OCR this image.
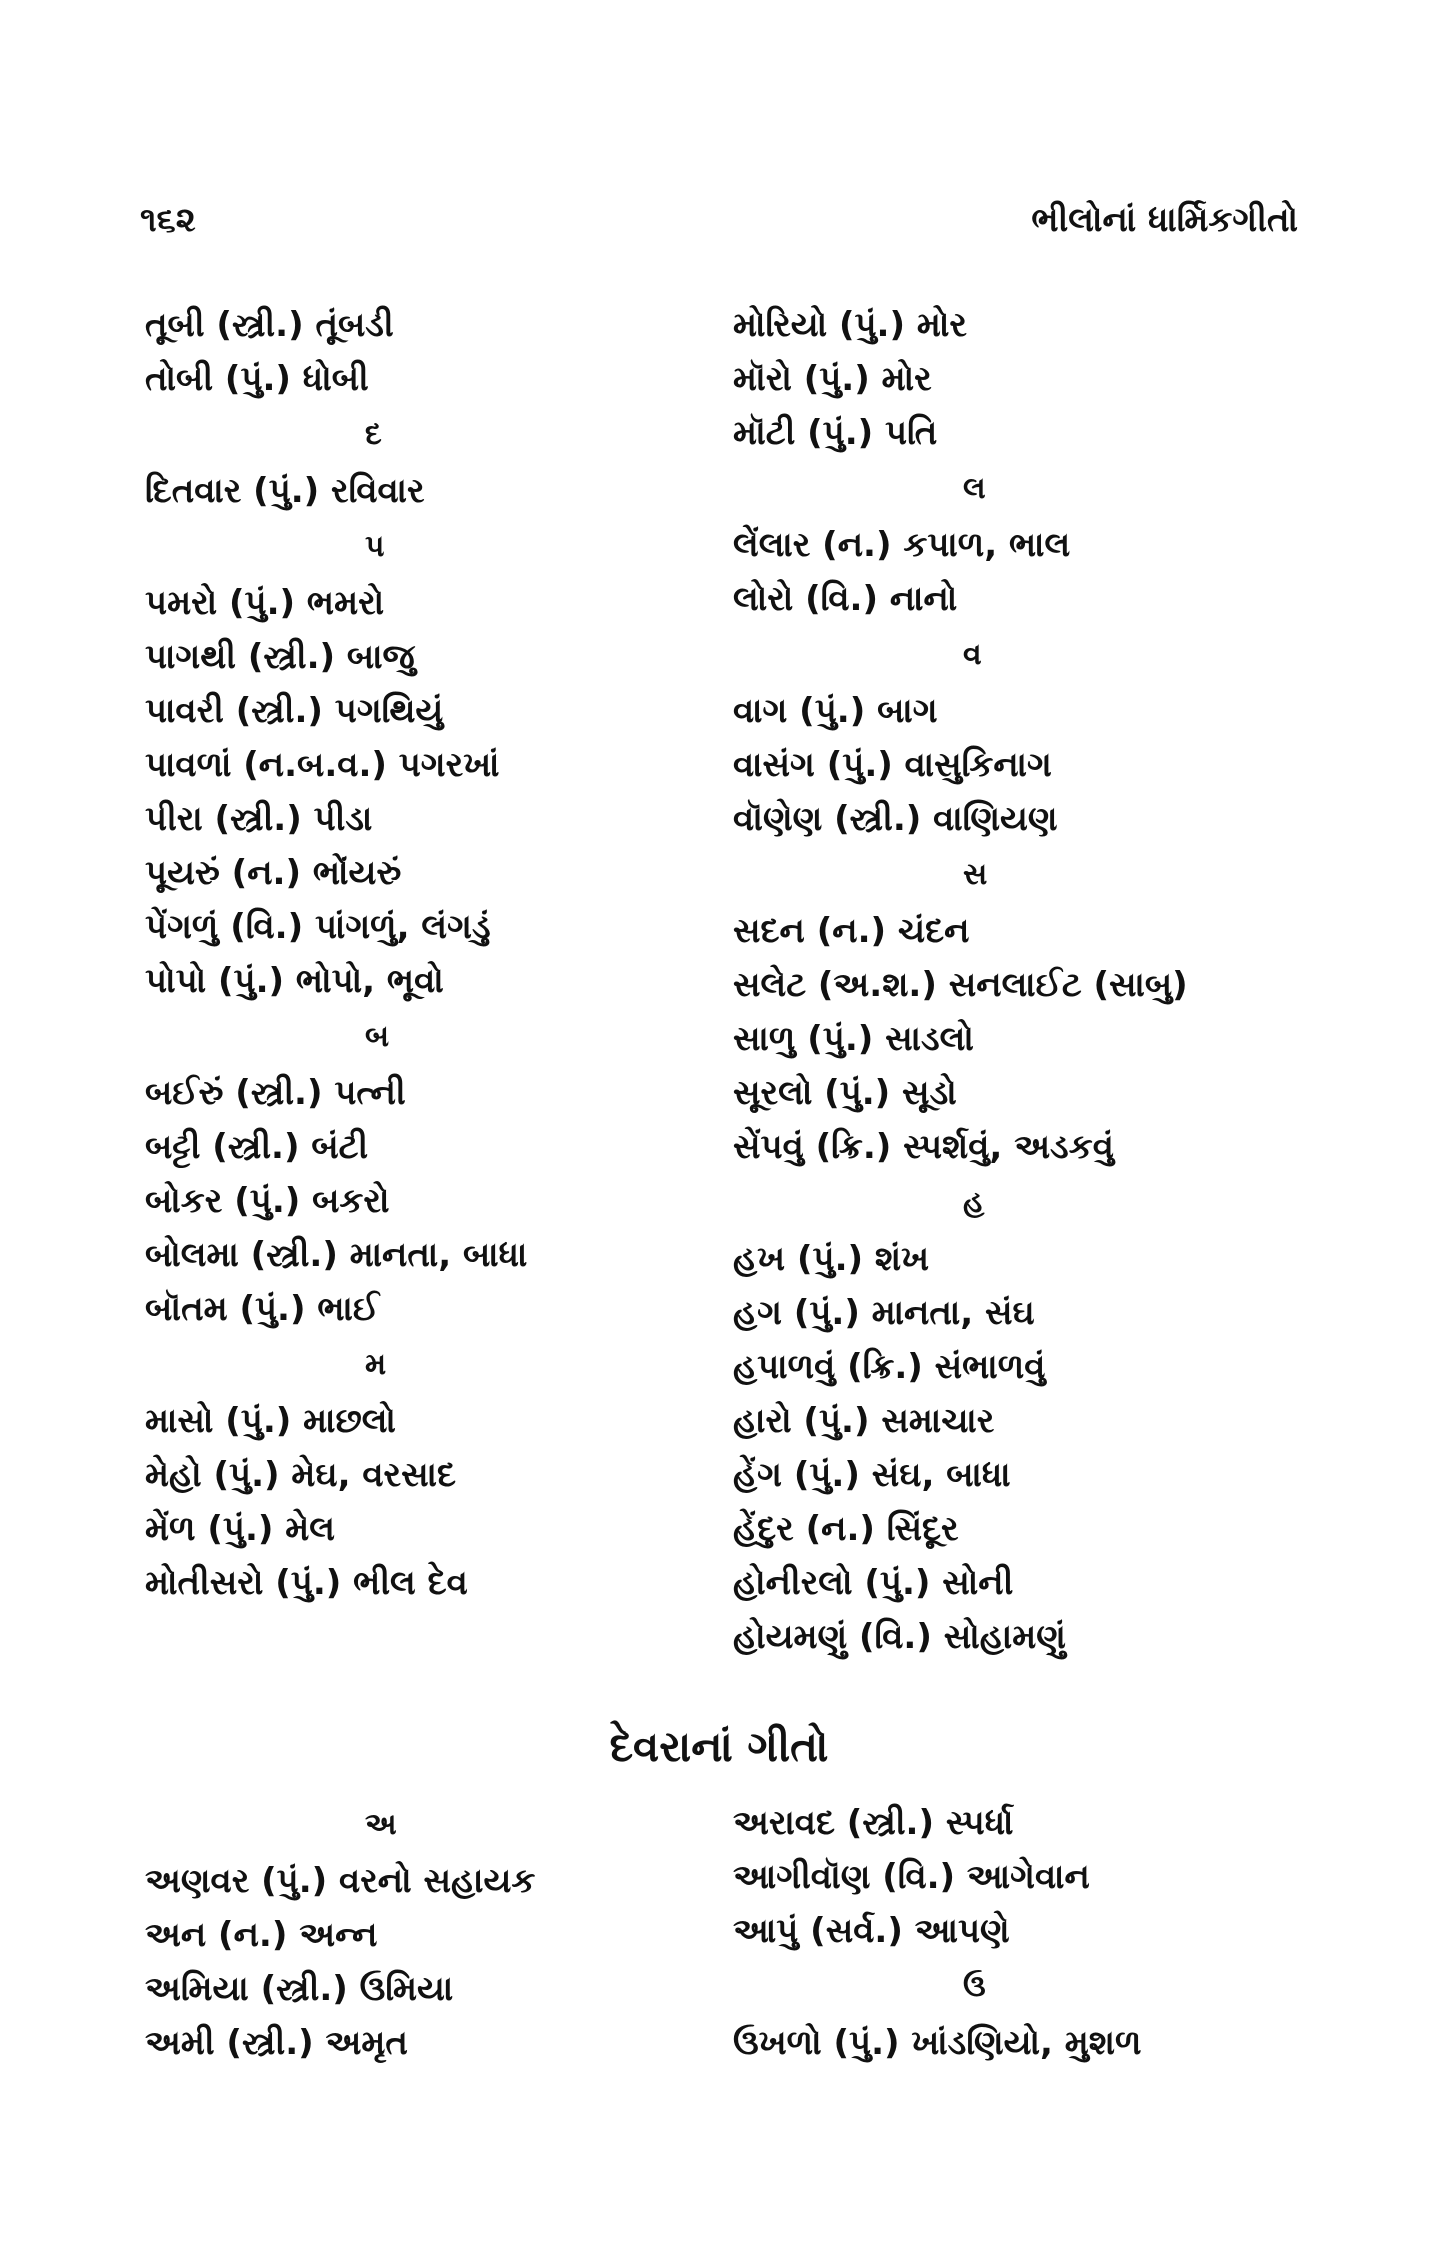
૧૬૨	ભીલોનાં ધાર્મિકગીતો
તૂબી (સ્ત્રી.) તૂંબડી
તોબી (પું.) ધોબી
દ
દિતવાર (પું.) રવિવાર
પ
પમરો (પું.) ભમરો
પાગથી (સ્ત્રી.) બાજુ
પાવરી (સ્ત્રી.) પગથિયું
પાવળાં (ન.બ.વ.) પગરખાં
પીરા (સ્ત્રી.) પીડા
પૂયરું (ન.) ભોંયરું
પેંગળું (વિ.) પાંગળું, લંગડું
પોપો (પું.) ભોપો, ભૂવો
બ
બઈરું (સ્ત્રી.) પત્ની
બટ્ટી (સ્ત્રી.) બંટી
બોકર (પું.) બકરો
બોલમા (સ્ત્રી.) માનતા, બાધા
બૉતમ (પું.) ભાઈ
મ
માસો (પું.) માછલો
મેહો (પું.) મેઘ, વરસાદ
મેંળ (પું.) મેલ
મોતીસરો (પું.) ભીલ દેવ
મોરિયો (પું.) મોર
મૉરો (પું.) મોર
મૉટી (પું.) પતિ
લ
લેંલાર (ન.) કપાળ, ભાલ
લોરો (વિ.) નાનો
વ
વાગ (પું.) બાગ
વાસંગ (પું.) વાસુકિનાગ
વૉણેણ (સ્ત્રી.) વાણિયણ
સ
સદન (ન.) ચંદન
સલેટ (અ.શ.) સનલાઈટ (સાબુ)
સાળુ (પું.) સાડલો
સૂરલો (પું.) સૂડો
સેંપવું (ક્રિ.) સ્પર્શવું, અડકવું
હ
હખ (પું.) શંખ
હગ (પું.) માનતા, સંઘ
હપાળવું (ક્રિ.) સંભાળવું
હારો (પું.) સમાચાર
હેંગ (પું.) સંઘ, બાધા
હેંદુર (ન.) સિંદૂર
હોનીરલો (પું.) સોની
હોયમણું (વિ.) સોહામણું
દેવરાનાં ગીતો
અ
અણવર (પું.) વરનો સહાયક
અન (ન.) અન્ન
અમિયા (સ્ત્રી.) ઉમિયા
અમી (સ્ત્રી.) અમૃત
અરાવદ (સ્ત્રી.) સ્પર્ધા
આગીવૉણ (વિ.) આગેવાન
આપું (સર્વ.) આપણે
ઉ
ઉખળો (પું.) ખાંડણિયો, મુશળ
